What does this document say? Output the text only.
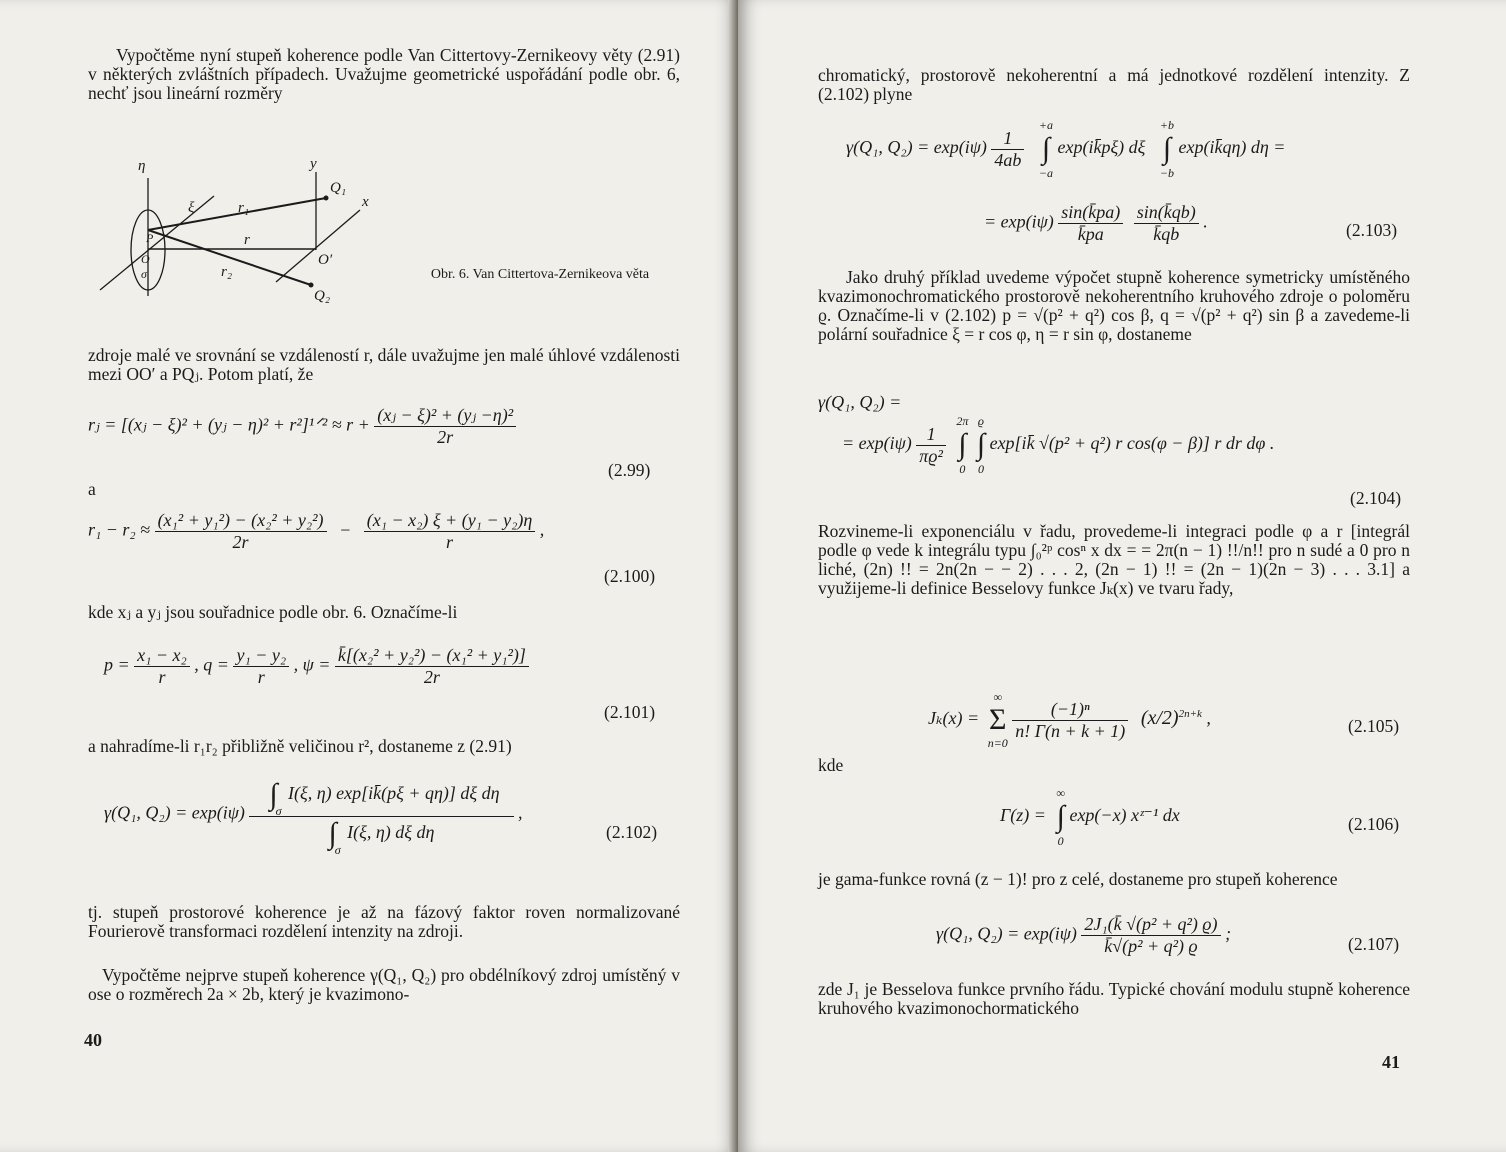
Vypočtěme nyní stupeň koherence podle Van Cittertovy-Zernikeovy věty (2.91) v některých zvláštních případech. Uvažujme geometrické uspořádání podle obr. 6, nechť jsou lineární rozměry
η
ξ
y
x
Q₁
Q₂
r₁
r₂
r
O′
P
O
σ	Obr. 6. Van Cittertova-Zernikeova věta
zdroje malé ve srovnání se vzdáleností r, dále uvažujme jen malé úhlové vzdálenosti mezi OO′ a PQⱼ. Potom platí, že
rⱼ = [(xⱼ − ξ)² + (yⱼ − η)² + r²]¹ᐟ² ≈ $r + \frac{\text{(xⱼ − ξ)² + (yⱼ −η)²}}{2r}$
(2.99)
a
$r_1 - r_2 \approx \frac{\text{(x₁² + y₁²) − (x₂² + y₂²)}}{2r} - \frac{\text{(x₁ − x₂) ξ + (y₁ − y₂)η}}{r}$ ,
(2.100)
kde xⱼ a yⱼ jsou souřadnice podle obr. 6. Označíme-li
$p = \frac{\text{x₁ − x₂}}{r}$ , $q = \frac{\text{y₁ − y₂}}{r}$ , $\psi = \frac{\text{k̄[(x₂² + y₂²) − (x₁² + y₁²)]}}{2r}$
(2.101)
a nahradíme-li r₁r₂ přibližně veličinou r², dostaneme z (2.91)
γ(Q₁, $Q_2) = \exp(i\psi) \frac{\text{∫σ I(ξ, η) exp[ik̄(pξ + qη)] dξ dη}}{\text{∫σ I(ξ, η) dξ dη}}$ ,
(2.102)
tj. stupeň prostorové koherence je až na fázový faktor roven normalizované Fourierově transformaci rozdělení intenzity na zdroji.
Vypočtěme nejprve stupeň koherence γ(Q₁, Q₂) pro obdélníkový zdroj umístěný v ose o rozměrech 2a × 2b, který je kvazimono-
40
chromatický, prostorově nekoherentní a má jednotkové rozdělení intenzity. Z (2.102) plyne
γ(Q₁, $Q_2) = \exp(i\psi) \frac{1}{4ab}$

+a
∫
−a
exp(ik̄pξ) dξ
+b
∫
−b
exp(ik̄qη) dη =
= $\exp(i\psi) \frac{\sin(k̄pa)}{k̄pa}$
$\frac{\sin(k̄qb)}{k̄qb}$ .	(2.103)
Jako druhý příklad uvedeme výpočet stupně koherence symetricky umístěného kvazimonochromatického prostorově nekoherentního kruhového zdroje o poloměru ϱ. Označíme-li v (2.102) p = √(p² + q²) cos β, q = √(p² + q²) sin β a zavedeme-li polární souřadnice ξ = r cos φ, η = r sin φ, dostaneme
γ(Q₁, Q₂) =
= $\exp(i\psi) \frac{1}{\text{πϱ²}}$

2π
∫
0

ϱ
∫
0
exp[ik̄ √(p² + q²) r cos(φ − β)] r dr dφ .
(2.104)
Rozvineme-li exponenciálu v řadu, provedeme-li integraci podle φ a r [integrál podle φ vede k integrálu typu ∫₀²ᵖ cosⁿ x dx = = 2π(n − 1) !!/n!! pro n sudé a 0 pro n liché, (2n) !! = 2n(2n − − 2) . . . 2, (2n − 1) !! = (2n − 1)(2n − 3) . . . 3.1] a využijeme-li definice Besselovy funkce Jₖ(x) ve tvaru řady,
Jₖ(x) =
∞
Σ
n=0

$\frac{\text{(−1)ⁿ}}{n! \Gamma(n + k + 1)} (x/2)^{2n+k}$ ,	(2.105)
kde
Γ(z) =
∞
∫
0
exp(−x) xᶻ⁻¹ dx	(2.106)
je gama-funkce rovná (z − 1)! pro z celé, dostaneme pro stupeň koherence
γ(Q₁, $Q_2) = \exp(i\psi) \frac{\text{2J₁(k̄ √(p² + q²) ϱ)}}{\text{k̄√(p² + q²) ϱ}}$ ;
(2.107)
zde J₁ je Besselova funkce prvního řádu. Typické chování modulu stupně koherence kruhového kvazimonochormatického
41
